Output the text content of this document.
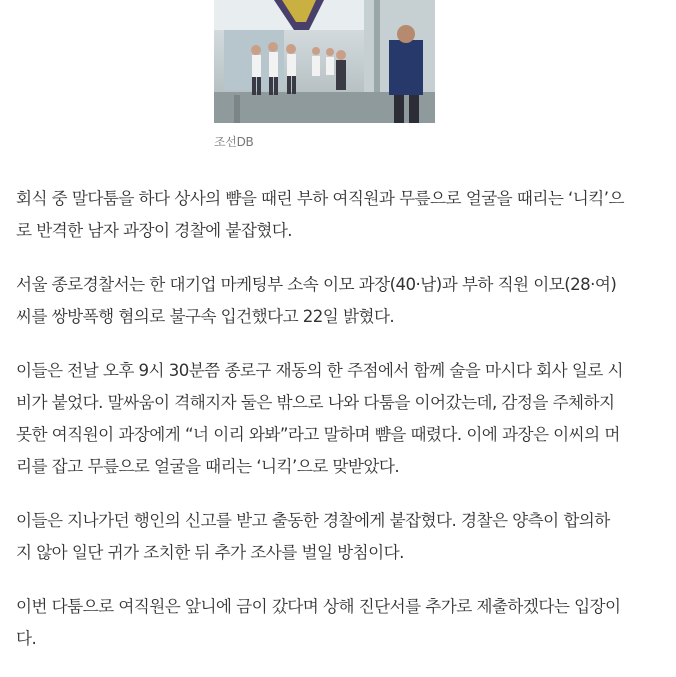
조선DB

회식 중 말다툼을 하다 상사의 뺨을 때린 부하 여직원과 무릎으로 얼굴을 때리는 ‘니킥’으
로 반격한 남자 과장이 경찰에 붙잡혔다.

서울 종로경찰서는 한 대기업 마케팅부 소속 이모 과장(40·남)과 부하 직원 이모(28·여)
씨를 쌍방폭행 혐의로 불구속 입건했다고 22일 밝혔다.

이들은 전날 오후 9시 30분쯤 종로구 재동의 한 주점에서 함께 술을 마시다 회사 일로 시
비가 붙었다. 말싸움이 격해지자 둘은 밖으로 나와 다툼을 이어갔는데, 감정을 주체하지
못한 여직원이 과장에게 “너 이리 와봐”라고 말하며 뺨을 때렸다. 이에 과장은 이씨의 머
리를 잡고 무릎으로 얼굴을 때리는 ‘니킥’으로 맞받았다.

이들은 지나가던 행인의 신고를 받고 출동한 경찰에게 붙잡혔다. 경찰은 양측이 합의하
지 않아 일단 귀가 조치한 뒤 추가 조사를 벌일 방침이다.

이번 다툼으로 여직원은 앞니에 금이 갔다며 상해 진단서를 추가로 제출하겠다는 입장이
다.
